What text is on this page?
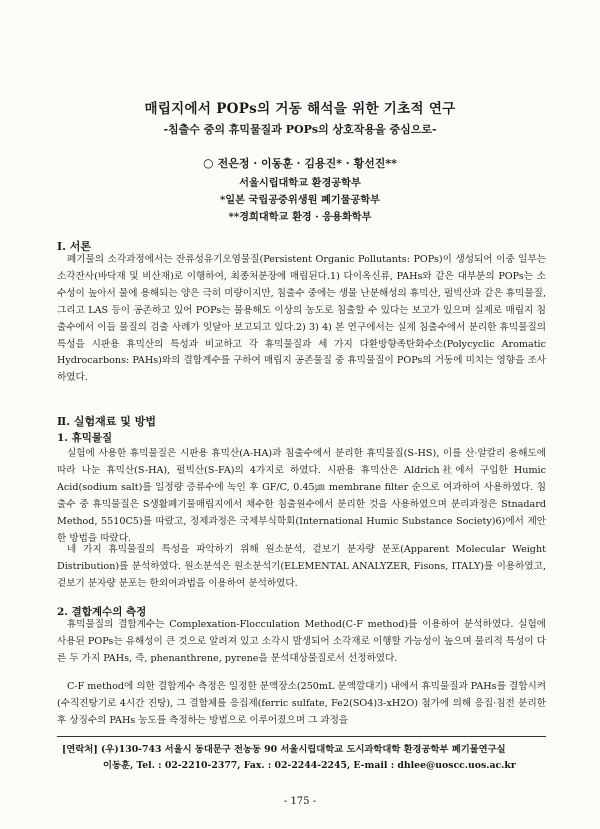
매립지에서 POPs의 거동 해석을 위한 기초적 연구
-침출수 중의 휴믹물질과 POPs의 상호작용을 중심으로-
○ 전은정 · 이동훈 · 김용진* · 황선진**
서울시립대학교 환경공학부
*일본 국립공중위생원 폐기물공학부
**경희대학교 환경 · 응용화학부
Ⅰ. 서론
폐기물의 소각과정에서는 잔류성유기오염물질(Persistent Organic Pollutants: POPs)이 생성되어 이중 일부는 소각잔사(바닥재 및 비산재)로 이행하여, 최종처분장에 매립된다.1) 다이옥신류, PAHs와 같은 대부분의 POPs는 소수성이 높아서 물에 용해되는 양은 극히 미량이지만, 침출수 중에는 생물 난분해성의 휴믹산, 펄빅산과 같은 휴믹물질, 그리고 LAS 등이 공존하고 있어 POPs는 물용해도 이상의 농도로 침출할 수 있다는 보고가 있으며 실제로 매립지 침출수에서 이들 물질의 검출 사례가 잇달아 보고되고 있다.2) 3) 4) 본 연구에서는 실제 침출수에서 분리한 휴믹물질의 특성을 시판용 휴믹산의 특성과 비교하고 각 휴믹물질과 세 가지 다환방향족탄화수소(Polycyclic Aromatic Hydrocarbons: PAHs)와의 결합계수를 구하여 매립지 공존물질 중 휴믹물질이 POPs의 거동에 미치는 영향을 조사하였다.
Ⅱ. 실험재료 및 방법
1. 휴믹물질
실험에 사용한 휴믹물질은 시판용 휴믹산(A-HA)과 침출수에서 분리한 휴믹물질(S-HS), 이를 산·알칼리 용해도에 따라 나눈 휴믹산(S-HA), 펄빅산(S-FA)의 4가지로 하였다. 시판용 휴믹산은 Aldrich社에서 구입한 Humic Acid(sodium salt)를 일정량 증류수에 녹인 후 GF/C, 0.45㎛ membrane filter 순으로 여과하여 사용하였다. 침출수 중 휴믹물질은 S생활폐기물매립지에서 채수한 침출원수에서 분리한 것을 사용하였으며 분리과정은 Stnadard Method, 5510C5)를 따랐고, 정제과정은 국제부식학회(International Humic Substance Society)6)에서 제안한 방법을 따랐다.
네 가지 휴믹물질의 특성을 파악하기 위해 원소분석, 겉보기 분자량 분포(Apparent Molecular Weight Distribution)를 분석하였다. 원소분석은 원소분석기(ELEMENTAL ANALYZER, Fisons, ITALY)를 이용하였고, 겉보기 분자량 분포는 한외여과법을 이용하여 분석하였다.
2. 결합계수의 측정
휴믹물질의 결합계수는 Complexation-Flocculation Method(C-F method)를 이용하여 분석하였다. 실험에 사용된 POPs는 유해성이 큰 것으로 알려져 있고 소각시 발생되어 소각재로 이행할 가능성이 높으며 물리적 특성이 다른 두 가지 PAHs, 즉, phenanthrene, pyrene을 분석대상물질로서 선정하였다.
C-F method에 의한 결합계수 측정은 일정한 분액장소(250mL 분액깔대기) 내에서 휴믹물질과 PAHs를 결합시켜(수직진탕기로 4시간 진탕), 그 결합체를 응집제(ferric sulfate, Fe2(SO4)3-xH2O) 첨가에 의해 응집·침전 분리한 후 상징수의 PAHs 농도를 측정하는 방법으로 이루어졌으며 그 과정을
[연락처] (우)130-743 서울시 동대문구 전농동 90 서울시립대학교 도시과학대학 환경공학부 폐기물연구실
이동훈, Tel. : 02-2210-2377, Fax. : 02-2244-2245, E-mail : dhlee@uoscc.uos.ac.kr
- 175 -
